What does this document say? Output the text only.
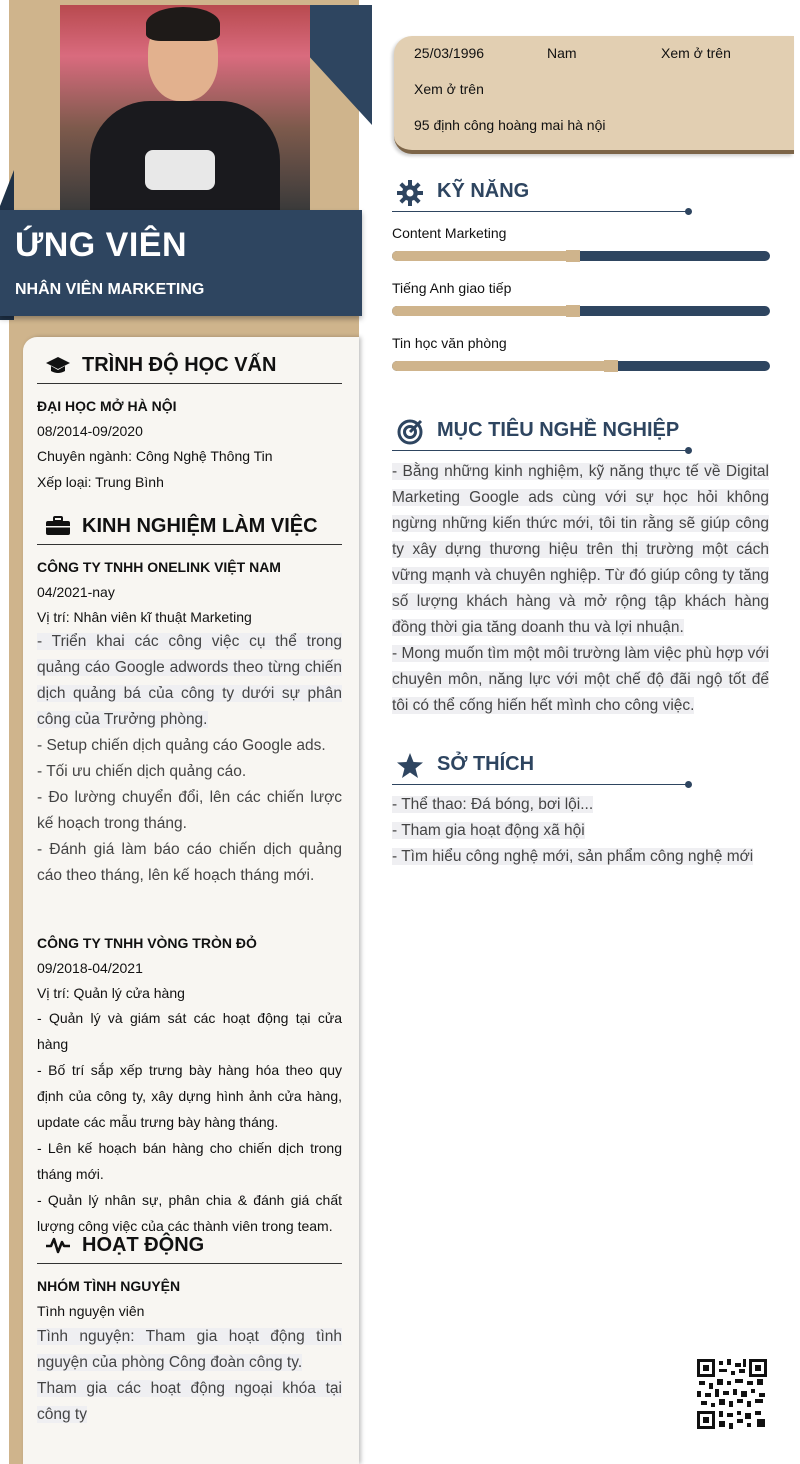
ỨNG VIÊN
NHÂN VIÊN MARKETING
TRÌNH ĐỘ HỌC VẤN
ĐẠI HỌC MỞ HÀ NỘI
08/2014-09/2020
Chuyên ngành: Công Nghệ Thông Tin
Xếp loại: Trung Bình
KINH NGHIỆM LÀM VIỆC
CÔNG TY TNHH ONELINK VIỆT NAM
04/2021-nay
Vị trí: Nhân viên kĩ thuật Marketing
- Triển khai các công việc cụ thể trong quảng cáo Google adwords theo từng chiến dịch quảng bá của công ty dưới sự phân công của Trưởng phòng.
- Setup chiến dịch quảng cáo Google ads.
- Tối ưu chiến dịch quảng cáo.
- Đo lường chuyển đổi, lên các chiến lược kế hoạch trong tháng.
- Đánh giá làm báo cáo chiến dịch quảng cáo theo tháng, lên kế hoạch tháng mới.
CÔNG TY TNHH VÒNG TRÒN ĐỎ
09/2018-04/2021
Vị trí: Quản lý cửa hàng
- Quản lý và giám sát các hoạt động tại cửa hàng
- Bố trí sắp xếp trưng bày hàng hóa theo quy định của công ty, xây dựng hình ảnh cửa hàng, update các mẫu trưng bày hàng tháng.
- Lên kế hoạch bán hàng cho chiến dịch trong tháng mới.
- Quản lý nhân sự, phân chia & đánh giá chất lượng công việc của các thành viên trong team.
HOẠT ĐỘNG
NHÓM TÌNH NGUYỆN
Tình nguyện viên
Tình nguyện: Tham gia hoạt động tình nguyện của phòng Công đoàn công ty.
Tham gia các hoạt động ngoại khóa tại công ty
25/03/1996	Nam	Xem ở trên
Xem ở trên
95 định công hoàng mai hà nội
KỸ NĂNG
Content Marketing
Tiếng Anh giao tiếp
Tin học văn phòng
MỤC TIÊU NGHỀ NGHIỆP
- Bằng những kinh nghiệm, kỹ năng thực tế về Digital Marketing Google ads cùng với sự học hỏi không ngừng những kiến thức mới, tôi tin rằng sẽ giúp công ty xây dựng thương hiệu trên thị trường một cách vững mạnh và chuyên nghiệp. Từ đó giúp công ty tăng số lượng khách hàng và mở rộng tập khách hàng đồng thời gia tăng doanh thu và lợi nhuận.
- Mong muốn tìm một môi trường làm việc phù hợp với chuyên môn, năng lực với một chế độ đãi ngộ tốt để tôi có thể cống hiến hết mình cho công việc.
SỞ THÍCH
- Thể thao: Đá bóng, bơi lội...
- Tham gia hoạt động xã hội
- Tìm hiểu công nghệ mới, sản phẩm công nghệ mới
